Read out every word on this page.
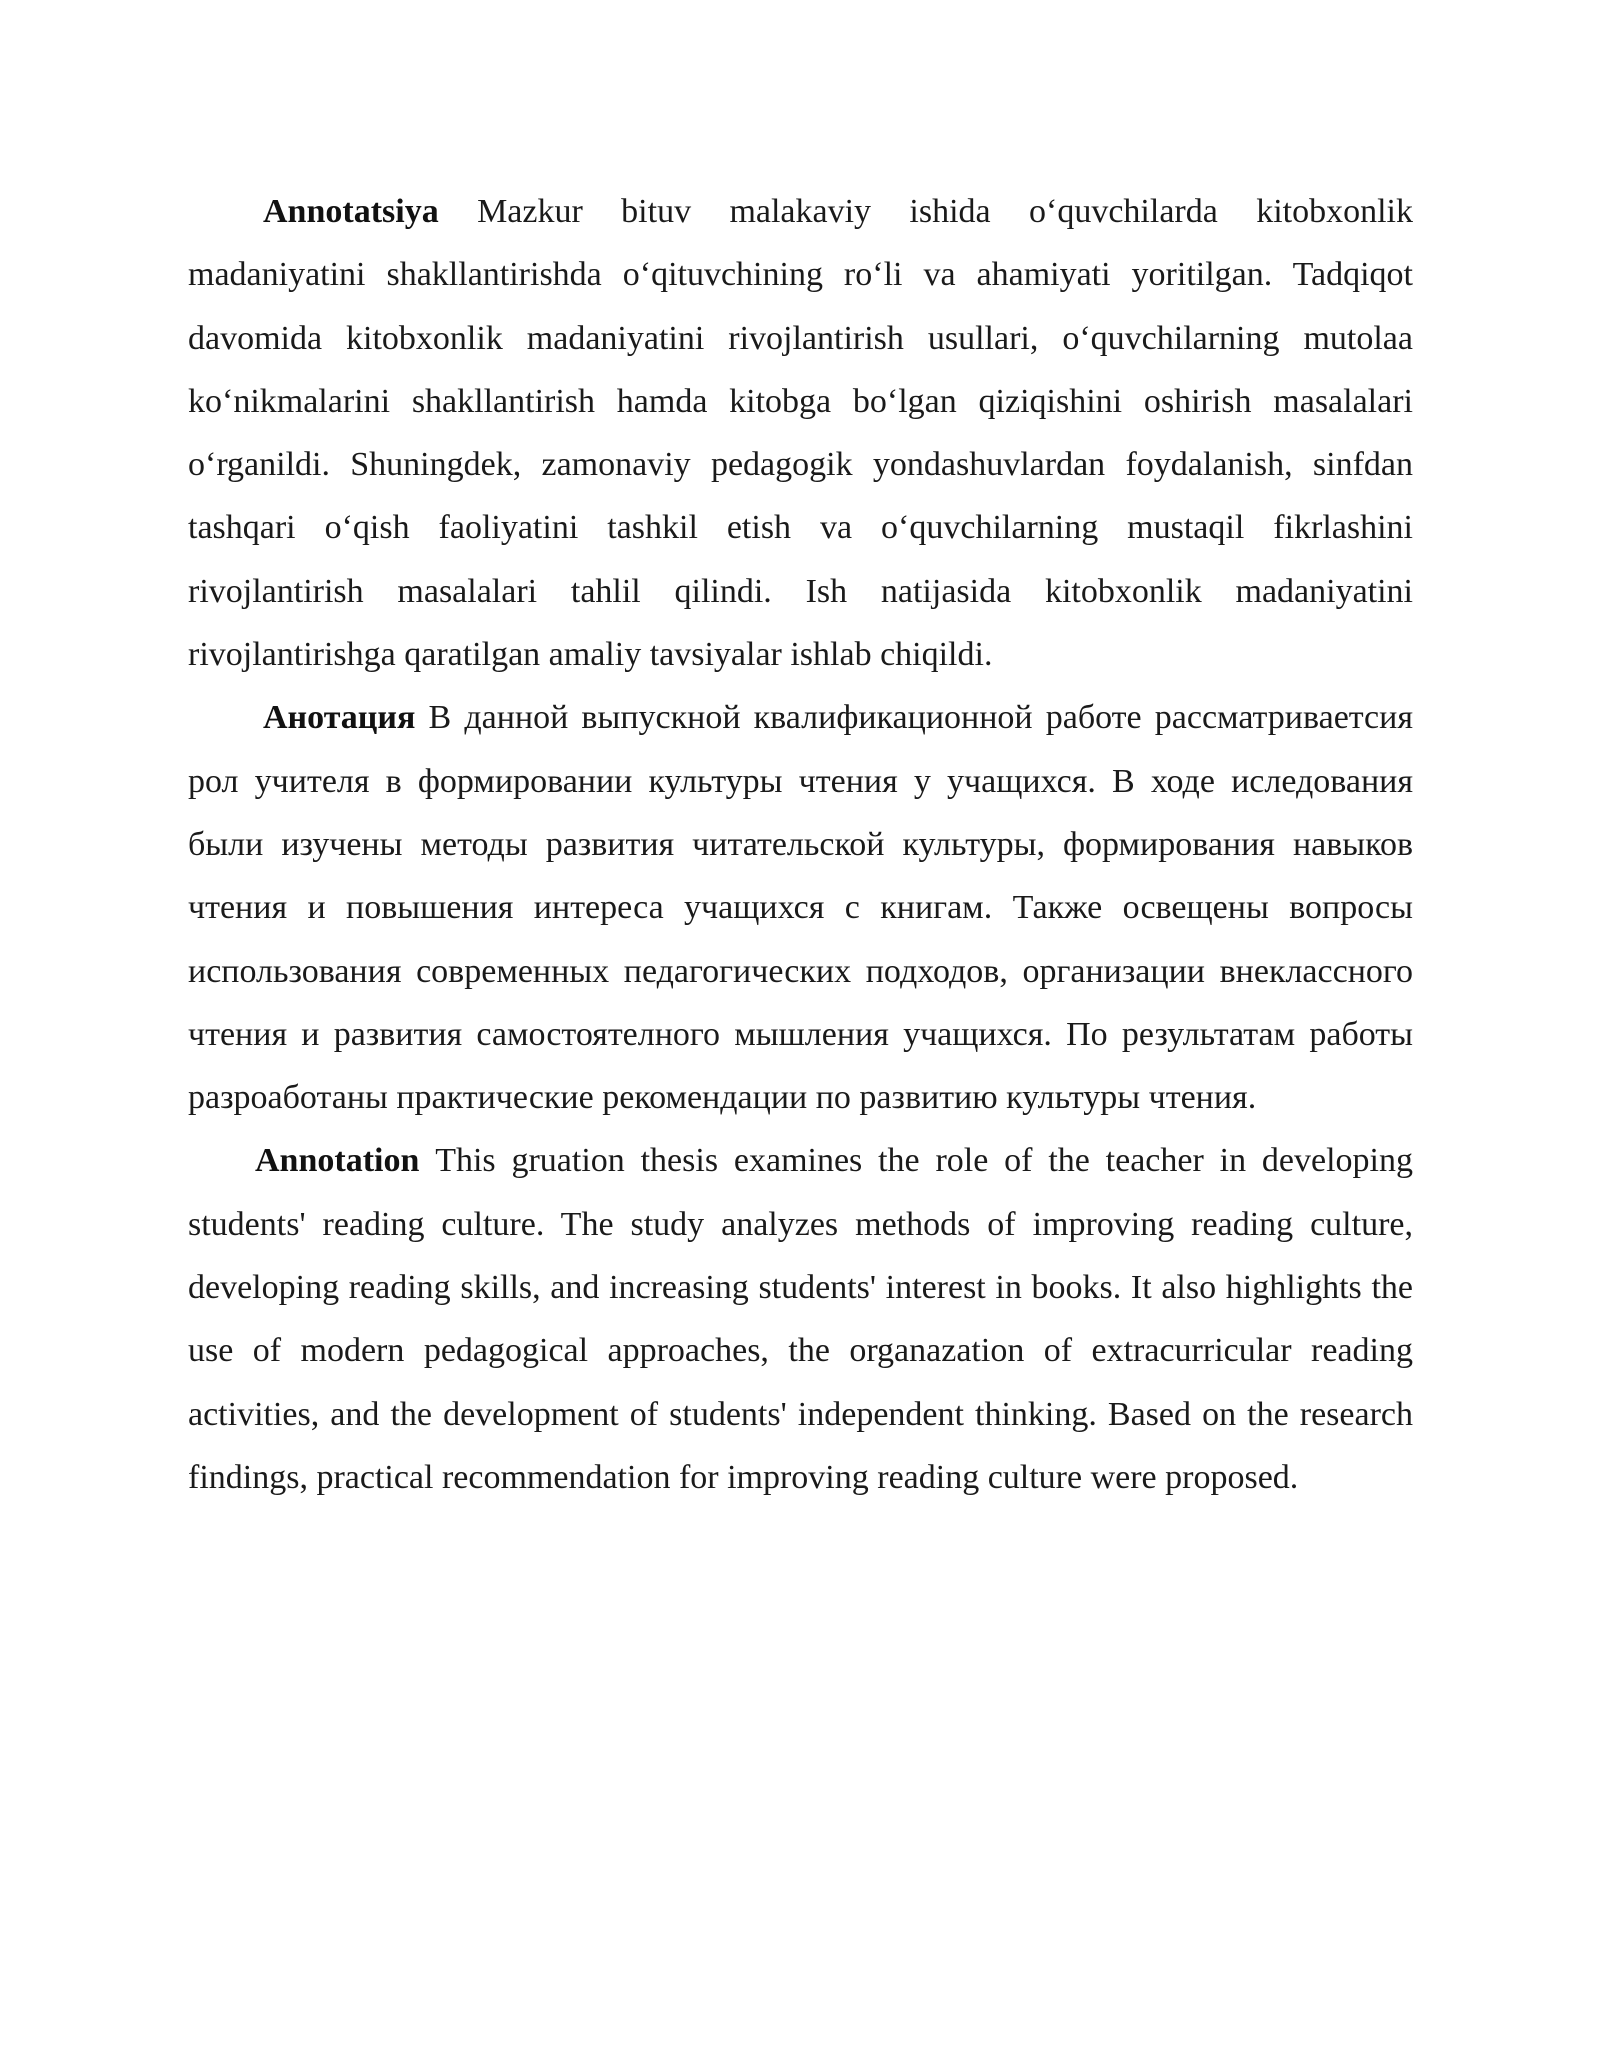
Annotatsiya Mazkur bituv malakaviy ishida o‘quvchilarda kitobxonlik madaniyatini shakllantirishda o‘qituvchining ro‘li va ahamiyati yoritilgan. Tadqiqot davomida kitobxonlik madaniyatini rivojlantirish usullari, o‘quvchilarning mutolaa ko‘nikmalarini shakllantirish hamda kitobga bo‘lgan qiziqishini oshirish masalalari o‘rganildi. Shuningdek, zamonaviy pedagogik yondashuvlardan foydalanish, sinfdan tashqari o‘qish faoliyatini tashkil etish va o‘quvchilarning mustaqil fikrlashini rivojlantirish masalalari tahlil qilindi. Ish natijasida kitobxonlik madaniyatini rivojlantirishga qaratilgan amaliy tavsiyalar ishlab chiqildi.

Анотация В данной выпускной квалификационной работе рассматриваетсия рол учителя в формировании культуры чтения у учащихся. В ходе иследования были изучены методы развития читательской культуры, формирования навыков чтения и повышения интереса учащихся с книгам. Также освещены вопросы использования современных педагогических подходов, организации внеклассного чтения и развития самостоятелного мышления учащихся. По результатам работы разроаботаны практические рекомендации по развитию культуры чтения.

Annotation This gruation thesis examines the role of the teacher in developing students' reading culture. The study analyzes methods of improving reading culture, developing reading skills, and increasing students' interest in books. It also highlights the use of modern pedagogical approaches, the organazation of extracurricular reading activities, and the development of students' independent thinking. Based on the research findings, practical recommendation for improving reading culture were proposed.
